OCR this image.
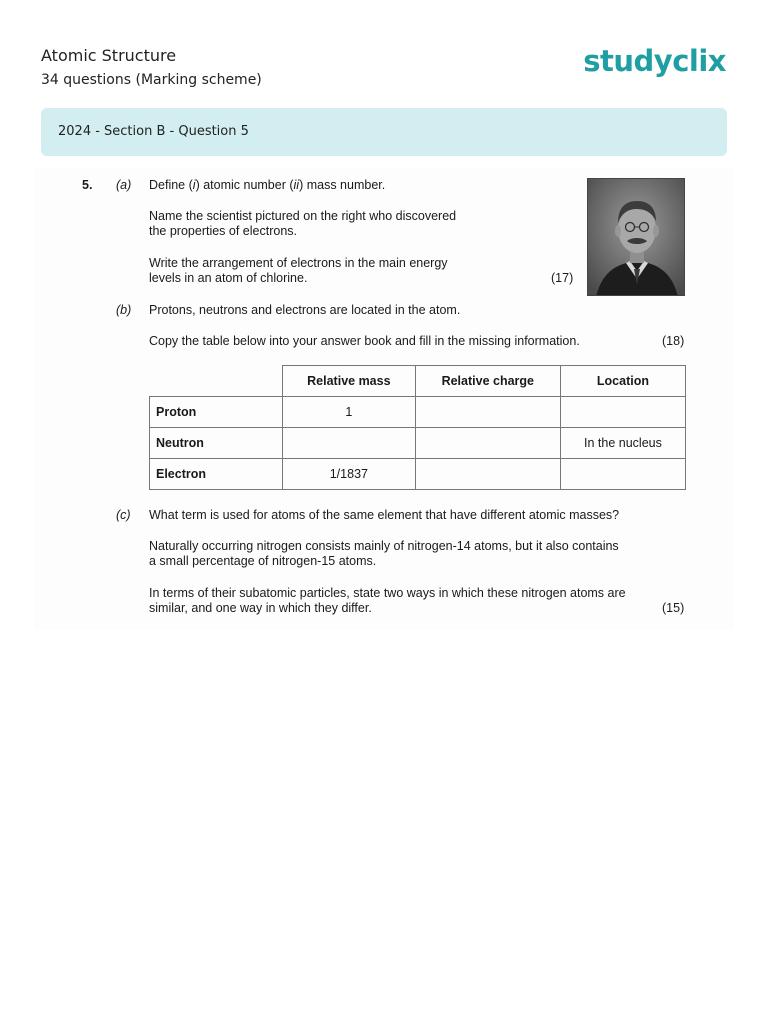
Atomic Structure
34 questions (Marking scheme)
studyclix
2024 - Section B - Question 5
5. (a) Define (i) atomic number (ii) mass number.
Name the scientist pictured on the right who discovered
the properties of electrons.
Write the arrangement of electrons in the main energy
levels in an atom of chlorine.	(17)
(b) Protons, neutrons and electrons are located in the atom.
Copy the table below into your answer book and fill in the missing information.	(18)
	Relative mass	Relative charge	Location
Proton	1		
Neutron			In the nucleus
Electron	1/1837		
(c) What term is used for atoms of the same element that have different atomic masses?
Naturally occurring nitrogen consists mainly of nitrogen-14 atoms, but it also contains
a small percentage of nitrogen-15 atoms.
In terms of their subatomic particles, state two ways in which these nitrogen atoms are
similar, and one way in which they differ.	(15)
